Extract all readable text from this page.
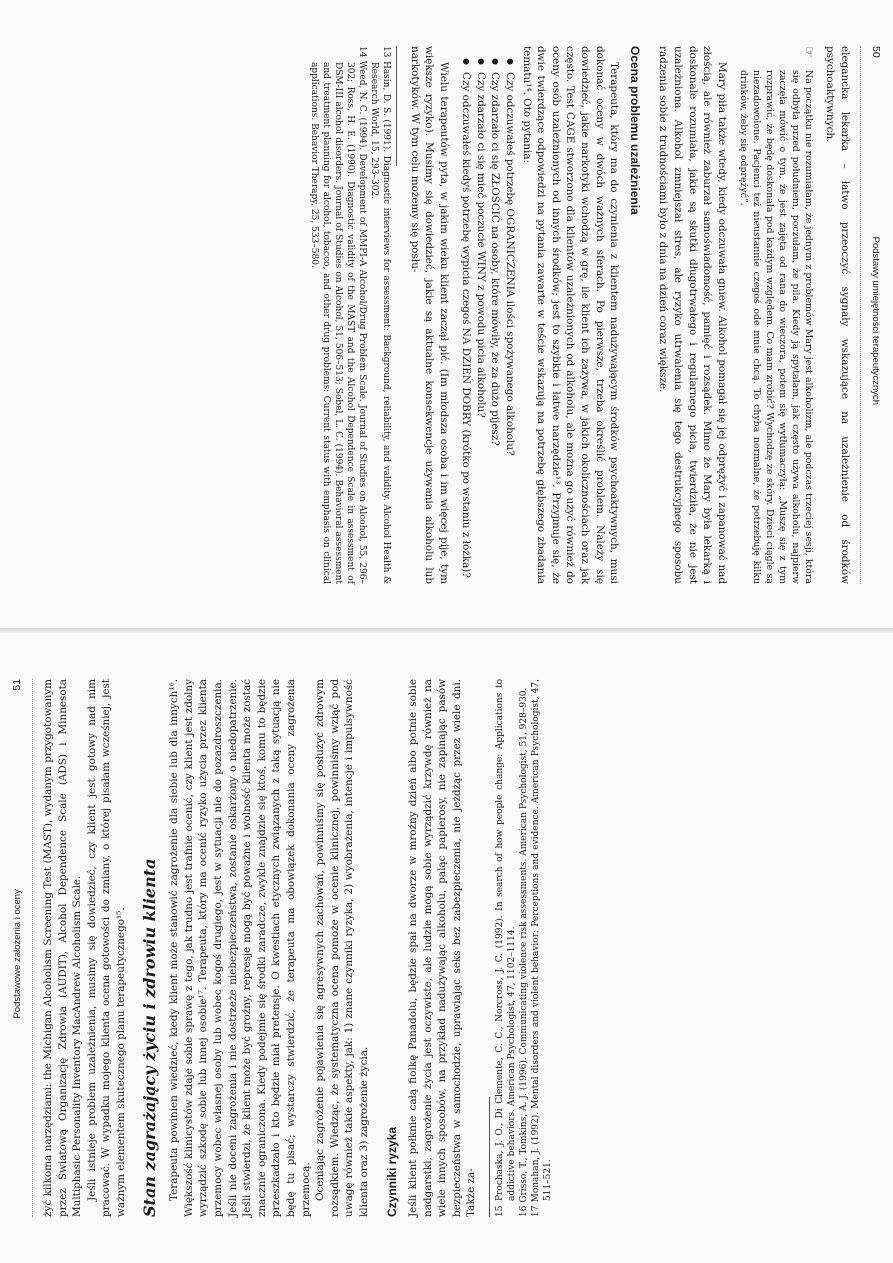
50
Podstawy umiejętności terapeutycznych

elegancka lekarka – łatwo przeoczyć sygnały wskazujące na uzależnienie od środków psychoaktywnych.

☞

Na początku nie rozumiałam, że jednym z problemów Mary jest alkoholizm, ale podczas trzeciej sesji, która się odbyła przed południem, poczułam, że pila. Kiedy ją spytałam, jak często używa alkoholu, najpierw zaczęła mówić o tym, że jest zajęta od rana do wieczora, potem się wytłumaczyła: „Muszę się z tym rozprawić, że będę doskonała pod każdym względem. Co mam zrobić? Wychodzę ze skóry. Dzieci ciągle są niezadowolone. Pacjenci też nieustannie czegoś ode mnie chcą. To chyba normalne, że potrzebuję kilku drinków, żeby się odprężyć”.

Mary piła także wtedy, kiedy odczuwała gniew. Alkohol pomagał się jej odprężyć i zapanować nad złością, ale również zaburzał samoświadomość, pamięć i rozsądek. Mimo że Mary była lekarką i doskonale rozumiała, jakie są skutki długotrwałego i regularnego picia, twierdziła, że nie jest uzależniona. Alkohol zmniejszał stres, ale ryzyko utrwalenia się tego destrukcyjnego sposobu radzenia sobie z trudnościami było z dnia na dzień coraz większe.

Ocena problemu uzależnienia

Terapeuta, który ma do czynienia z klientem nadużywającym środków psychoaktywnych, musi dokonać oceny w dwóch ważnych sferach. Po pierwsze, trzeba określić problem. Należy się dowiedzieć, jakie narkotyki wchodzą w grę, ile klient ich zażywa, w jakich okolicznościach oraz jak często. Test CAGE stworzono dla klientów uzależnionych od alkoholu, ale można go użyć również do oceny osób uzależnionych od innych środków; jest to szybkie i łatwe narzędzie¹³. Przyjmuje się, że dwie twierdzące odpowiedzi na pytania zawarte w teście wskazują na potrzebę głębszego zbadania tematu¹⁴. Oto pytania:

● Czy odczuwałeś potrzebę OGRANICZENIA ilości spożywanego alkoholu?
● Czy zdarzało ci się ZŁOŚCIĆ na osoby, które mówiły, że za dużo pijesz?
● Czy zdarzało ci się mieć poczucie WINY z powodu picia alkoholu?
● Czy odczuwałeś kiedyś potrzebę wypicia czegoś NA DZIEŃ DOBRY (krótko po wstaniu z łóżka)?

Wielu terapeutów pyta, w jakim wieku klient zaczął pić. (Im młodsza osoba i im więcej pije, tym większe ryzyko). Musimy się dowiedzieć, jakie są aktualne konsekwencje używania alkoholu lub narkotyków. W tym celu możemy się posłu-

13 Hasin, D. S. (1991). Diagnostic interviews for assessment: Background, reliability, and validity. Alcohol Health & Research World, 15, 293–302.

14 Weed, N. C. (1994). Development of MMPI-A Alcohol/Drug Problem Scale. Journal of Studies on Alcohol, 55, 296–302; Ross, H. E. (1990). Diagnostic validity of the MAST and the Alcohol Dependence Scale in assessment of DSM-III alcohol disorders. Journal of Studies on Alcohol, 51, 506–513; Sobel, L. C. (1994). Behavioral assessment and treatment planning for alcohol, tobacco, and other drug problems: Current status with emphasis on clinical applications. Behavior Therapy, 25, 533–580.

Podstawowe założenia i oceny
51 żyć kilkoma narzędziami: the Michigan Alcoholism Screening Test (MAST), wydanym przygotowanym przez Światową Organizację Zdrowia (AUDIT), Alcohol Dependence Scale (ADS) i Minnesota Multiphasic Personality Inventory MacAndrew Alcoholism Scale. Jeśli istnieje problem uzależnienia, musimy się dowiedzieć, czy klient jest gotowy nad nim pracować. W wypadku mojego klienta ocena gotowości do zmiany, o której pisałam wcześniej, jest ważnym elementem skutecznego planu terapeutycznego¹⁵. Stan zagrażający życiu i zdrowiu klienta Terapeuta powinien wiedzieć, kiedy klient może stanowić zagrożenie dla siebie lub dla innych¹⁶. Większość klinicystów zdaje sobie sprawę z tego, jak trudno jest trafnie ocenić, czy klient jest zdolny wyrządzić szkodę sobie lub innej osobie¹⁷. Terapeuta, który ma ocenić ryzyko użycia przez klienta przemocy wobec własnej osoby lub wobec kogoś drugiego, jest w sytuacji nie do pozazdroszczenia. Jeśli nie doceni zagrożenia i nie dostrzeże niebezpieczeństwa, zostanie oskarżony o niedopatrzenie. Jeśli stwierdzi, że klient może być groźny, represje mogą być poważne i wolność klienta może zostać znacznie ograniczona. Kiedy podejmie się środki zaradcze, zwykle znajdzie się ktoś, komu to będzie przeszkadzało i kto będzie miał pretensje. O kwestiach etycznych związanych z taką sytuacją nie będę tu pisać; wystarczy stwierdzić, że terapeuta ma obowiązek dokonania oceny zagrożenia przemocą. Oceniając zagrożenie pojawienia się agresywnych zachowań, powinniśmy się posłużyć zdrowym rozsądkiem. Wiedząc, że systematyczna ocena pomoże w ocenie klinicznej, powinniśmy wziąć pod uwagę również takie aspekty, jak: 1) znane czynniki ryzyka, 2) wyobrażenia, intencje i impulsywność klienta oraz 3) zagrożenie życia. Czynniki ryzyka Jeśli klient połknie całą fiolkę Panadolu, będzie spał na dworze w mroźny dzień albo potnie sobie nadgarstki, zagrożenie życia jest oczywiste, ale ludzie mogą sobie wyrządzić krzywdę również na wiele innych sposobów, na przykład nadużywając alkoholu, paląc papierosy, nie zapinając pasów bezpieczeństwa w samochodzie, uprawiając seks bez zabezpieczenia, nie jeżdżąc przez wiele dni. Także za- 15 Prochaska, J. O., Di Clemente, C. C., Norcross, J. C. (1992). In search of how people change: Applications to addictive behaviors. American Psychologist, 47, 1102–1114. 16 Grisso, T., Tomkins, A. J. (1996). Communicating violence risk assessments. American Psychologist, 51, 928–930. 17 Monahan, J. (1992). Mental disorders and violent behavior: Perceptions and evidence. American Psychologist, 47, 511–521.
